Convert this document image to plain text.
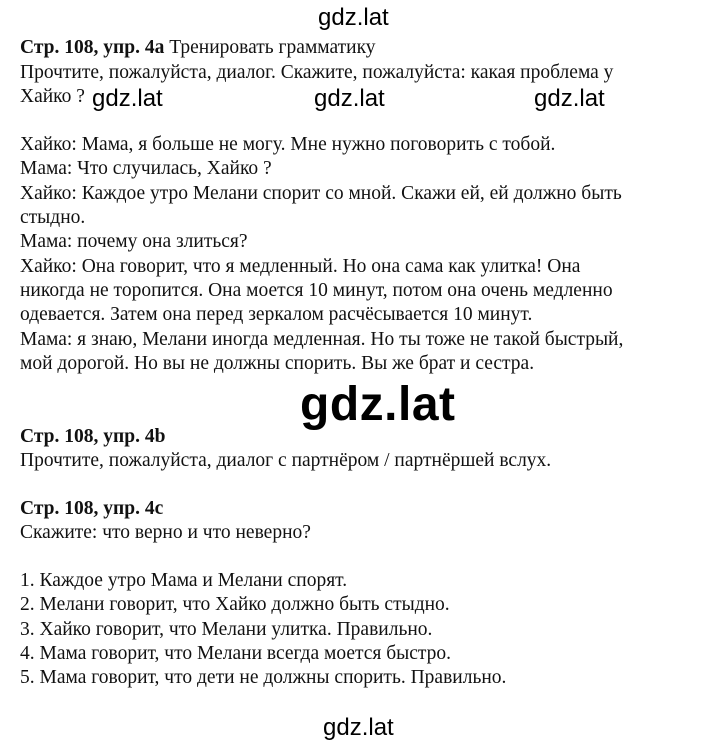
gdz.lat
gdz.lat	gdz.lat	gdz.lat
gdz.lat
gdz.lat
Стр. 108, упр. 4a Тренировать грамматику
Прочтите, пожалуйста, диалог. Скажите, пожалуйста: какая проблема у
Хайко ?
Хайко: Мама, я больше не могу. Мне нужно поговорить с тобой.
Мама: Что случилась, Хайко ?
Хайко: Каждое утро Мелани спорит со мной. Скажи ей, ей должно быть
стыдно.
Мама: почему она злиться?
Хайко: Она говорит, что я медленный. Но она сама как улитка! Она
никогда не торопится. Она моется 10 минут, потом она очень медленно
одевается. Затем она перед зеркалом расчёсывается 10 минут.
Мама: я знаю, Мелани иногда медленная. Но ты тоже не такой быстрый,
мой дорогой. Но вы не должны спорить. Вы же брат и сестра.
Стр. 108, упр. 4b
Прочтите, пожалуйста, диалог с партнёром / партнёршей вслух.
Стр. 108, упр. 4c
Скажите: что верно и что неверно?
1. Каждое утро Мама и Мелани спорят.
2. Мелани говорит, что Хайко должно быть стыдно.
3. Хайко говорит, что Мелани улитка. Правильно.
4. Мама говорит, что Мелани всегда моется быстро.
5. Мама говорит, что дети не должны спорить. Правильно.
